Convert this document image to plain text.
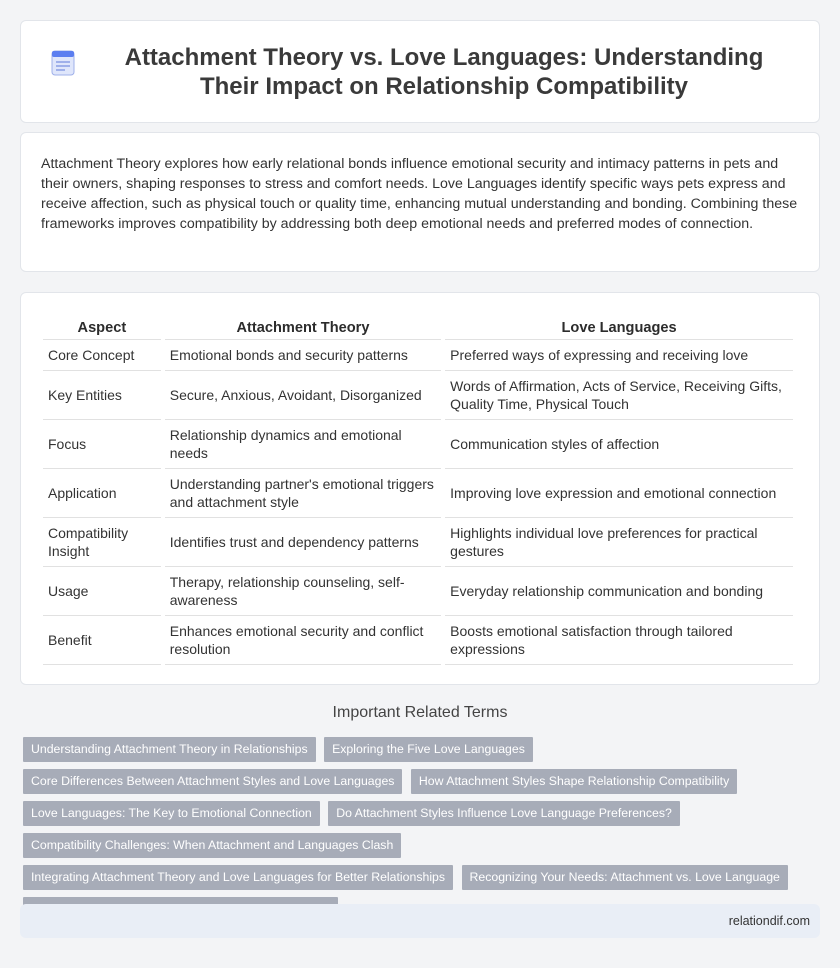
Attachment Theory vs. Love Languages: Understanding Their Impact on Relationship Compatibility

Attachment Theory explores how early relational bonds influence emotional security and intimacy patterns in pets and their owners, shaping responses to stress and comfort needs. Love Languages identify specific ways pets express and receive affection, such as physical touch or quality time, enhancing mutual understanding and bonding. Combining these frameworks improves compatibility by addressing both deep emotional needs and preferred modes of connection.

Aspect	Attachment Theory	Love Languages
Core Concept	Emotional bonds and security patterns	Preferred ways of expressing and receiving love
Key Entities	Secure, Anxious, Avoidant, Disorganized	Words of Affirmation, Acts of Service, Receiving Gifts, Quality Time, Physical Touch
Focus	Relationship dynamics and emotional needs	Communication styles of affection
Application	Understanding partner's emotional triggers and attachment style	Improving love expression and emotional connection
Compatibility Insight	Identifies trust and dependency patterns	Highlights individual love preferences for practical gestures
Usage	Therapy, relationship counseling, self-awareness	Everyday relationship communication and bonding
Benefit	Enhances emotional security and conflict resolution	Boosts emotional satisfaction through tailored expressions
Important Related Terms
Understanding Attachment Theory in Relationships Exploring the Five Love Languages Core Differences Between Attachment Styles and Love Languages How Attachment Styles Shape Relationship Compatibility Love Languages: The Key to Emotional Connection Do Attachment Styles Influence Love Language Preferences? Compatibility Challenges: When Attachment and Languages Clash Integrating Attachment Theory and Love Languages for Better Relationships Recognizing Your Needs: Attachment vs. Love Language
relationdif.com
